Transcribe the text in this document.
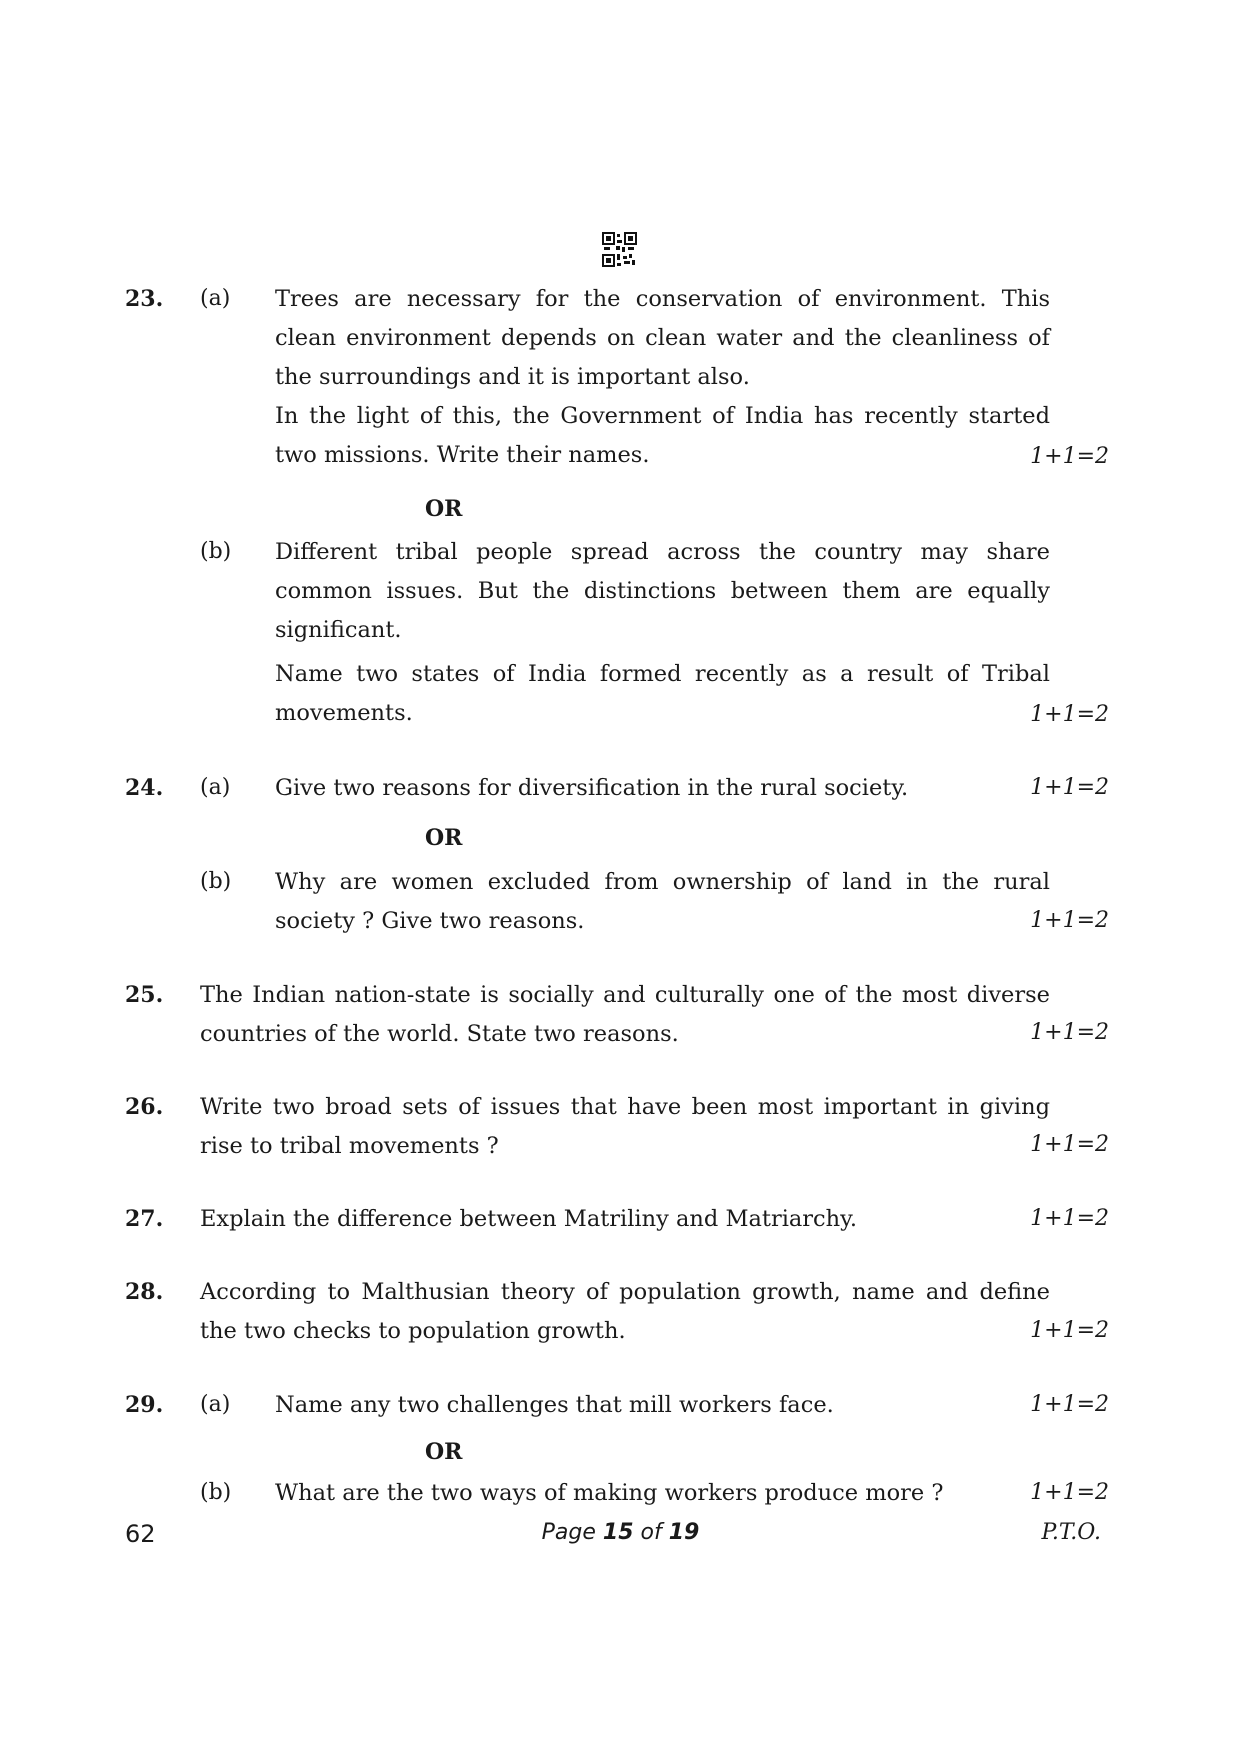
23. (a) Trees are necessary for the conservation of environment. This clean environment depends on clean water and the cleanliness of the surroundings and it is important also.
In the light of this, the Government of India has recently started two missions. Write their names.	1+1=2
OR
(b) Different tribal people spread across the country may share common issues. But the distinctions between them are equally significant.
Name two states of India formed recently as a result of Tribal movements.	1+1=2
24. (a) Give two reasons for diversification in the rural society.	1+1=2
OR
(b) Why are women excluded from ownership of land in the rural society ? Give two reasons.	1+1=2
25. The Indian nation-state is socially and culturally one of the most diverse countries of the world. State two reasons.	1+1=2
26. Write two broad sets of issues that have been most important in giving rise to tribal movements ?	1+1=2
27. Explain the difference between Matriliny and Matriarchy.	1+1=2
28. According to Malthusian theory of population growth, name and define the two checks to population growth.	1+1=2
29. (a) Name any two challenges that mill workers face.	1+1=2
OR
(b) What are the two ways of making workers produce more ?	1+1=2
62	Page 15 of 19	P.T.O.
